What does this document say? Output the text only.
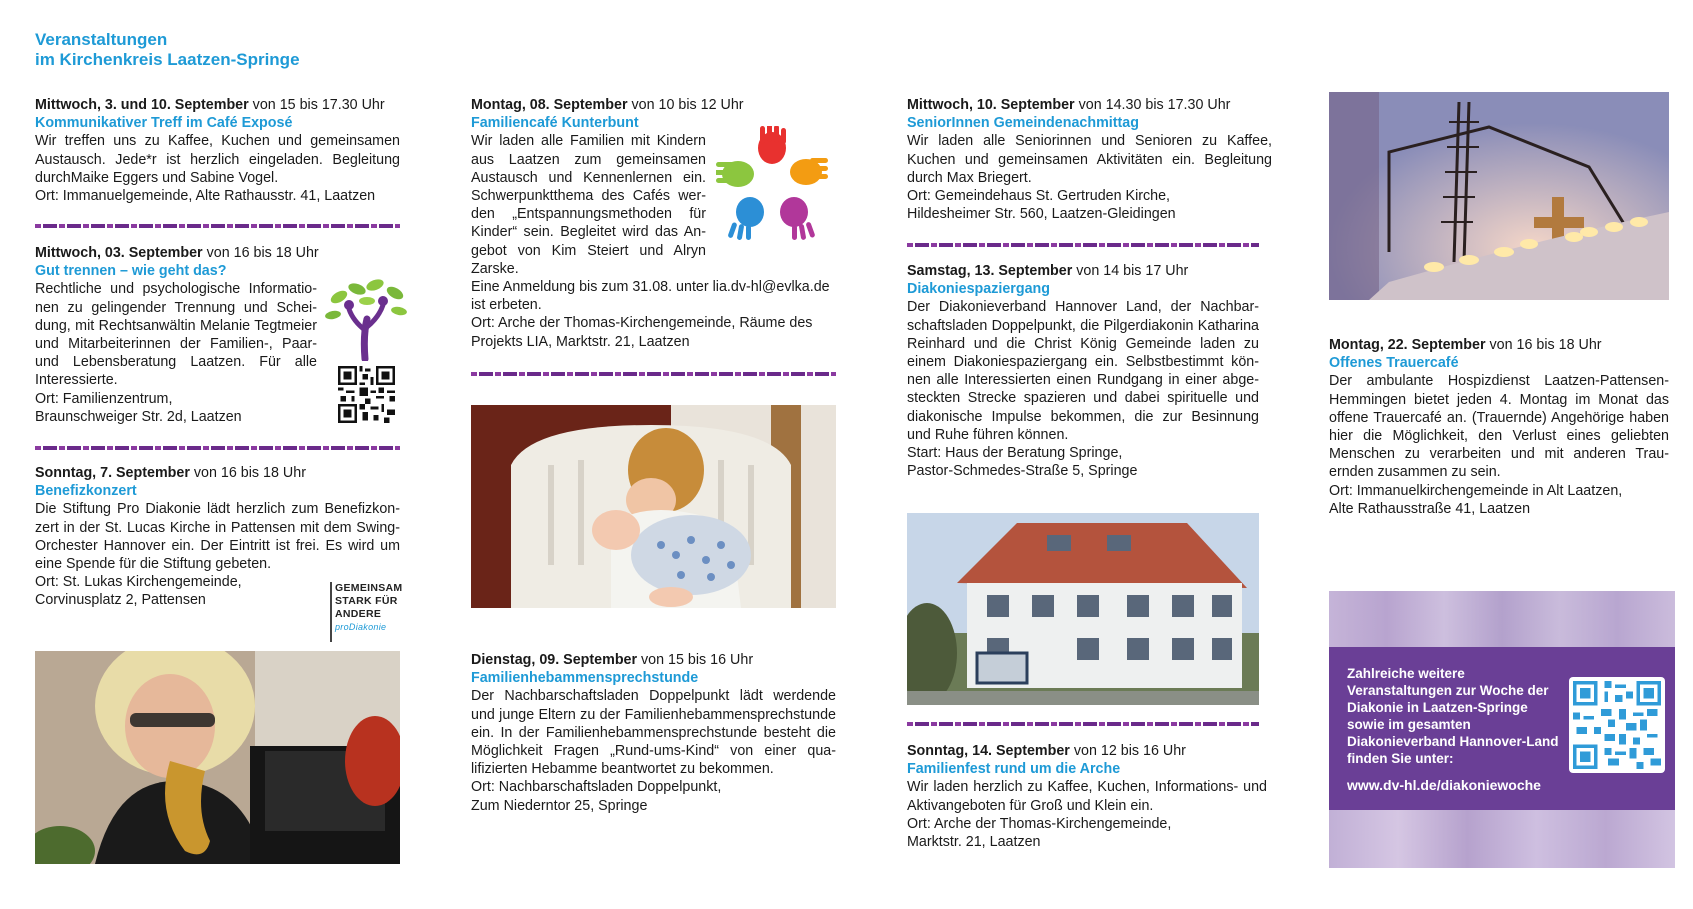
Veranstaltungen
im Kirchenkreis Laatzen-Springe

Mittwoch, 3. und 10. September von 15 bis 17.30 Uhr

Kommunikativer Treff im Café Exposé

Wir treffen uns zu Kaffee, Kuchen und gemeinsamen Austausch. Jede*r ist herzlich eingeladen. Begleitung durchMaike Eggers und Sabine Vogel.

Ort: Immanuelgemeinde, Alte Rathausstr. 41, Laatzen

Mittwoch, 03. September von 16 bis 18 Uhr

Gut trennen – wie geht das?

Rechtliche und psychologische Informationen zu gelingender Trennung und Scheidung, mit Rechtsanwältin Melanie Tegtmeier und Mitarbeiterinnen der Familien-, Paar- und Lebensberatung Laatzen. Für alle Interessierte.

Ort: Familienzentrum,

Braunschweiger Str. 2d, Laatzen

Sonntag, 7. September von 16 bis 18 Uhr

Benefizkonzert

Die Stiftung Pro Diakonie lädt herzlich zum Benefizkonzert in der St. Lucas Kirche in Pattensen mit dem Swing-Orchester Hannover ein. Der Eintritt ist frei. Es wird um eine Spende für die Stiftung gebeten.

Ort: St. Lukas Kirchengemeinde,

Corvinusplatz 2, Pattensen

GEMEINSAM
STARK FÜR
ANDERE
proDiakonie

Montag, 08. September von 10 bis 12 Uhr

Familiencafé Kunterbunt

Wir laden alle Familien mit Kindern aus Laatzen zum gemeinsamen Austausch und Kennenlernen ein. Schwerpunktthema des Cafés werden „Entspannungsmethoden für Kinder“ sein. Begleitet wird das Angebot von Kim Steiert und Alryn Zarske.

Eine Anmeldung bis zum 31.08. unter lia.dv-hl@evlka.de ist erbeten.

Ort: Arche der Thomas-Kirchengemeinde, Räume des Projekts LIA, Marktstr. 21, Laatzen

Dienstag, 09. September von 15 bis 16 Uhr

Familienhebammensprechstunde

Der Nachbarschaftsladen Doppelpunkt lädt werdende und junge Eltern zu der Familienhebammensprechstunde ein. In der Familienhebammensprechstunde besteht die Möglichkeit Fragen „Rund-ums-Kind“ von einer qualifizierten Hebamme beantwortet zu bekommen.

Ort: Nachbarschaftsladen Doppelpunkt,

Zum Niederntor 25, Springe

Mittwoch, 10. September von 14.30 bis 17.30 Uhr

SeniorInnen Gemeindenachmittag

Wir laden alle Seniorinnen und Senioren zu Kaffee, Kuchen und gemeinsamen Aktivitäten ein. Begleitung durch Max Briegert.

Ort: Gemeindehaus St. Gertruden Kirche,

Hildesheimer Str. 560, Laatzen-Gleidingen

Samstag, 13. September von 14 bis 17 Uhr

Diakoniespaziergang

Der Diakonieverband Hannover Land, der Nachbarschaftsladen Doppelpunkt, die Pilgerdiakonin Katharina Reinhard und die Christ König Gemeinde laden zu einem Diakoniespaziergang ein. Selbstbestimmt können alle Interessierten einen Rundgang in einer abgesteckten Strecke spazieren und dabei spirituelle und diakonische Impulse bekommen, die zur Besinnung und Ruhe führen können.

Start: Haus der Beratung Springe,

Pastor-Schmedes-Straße 5, Springe

Sonntag, 14. September von 12 bis 16 Uhr

Familienfest rund um die Arche

Wir laden herzlich zu Kaffee, Kuchen, Informations- und Aktivangeboten für Groß und Klein ein.

Ort: Arche der Thomas-Kirchengemeinde,

Marktstr. 21, Laatzen

Montag, 22. September von 16 bis 18 Uhr

Offenes Trauercafé

Der ambulante Hospizdienst Laatzen-Pattensen-Hemmingen bietet jeden 4. Montag im Monat das offene Trauercafé an. (Trauernde) Angehörige haben hier die Möglichkeit, den Verlust eines geliebten Menschen zu verarbeiten und mit anderen Trauernden zusammen zu sein.

Ort: Immanuelkirchengemeinde in Alt Laatzen,

Alte Rathausstraße 41, Laatzen

Zahlreiche weitere Veranstaltungen zur Woche der Diakonie in Laatzen-Springe sowie im gesamten Diakonieverband Hannover-Land finden Sie unter:
www.dv-hl.de/diakoniewoche
